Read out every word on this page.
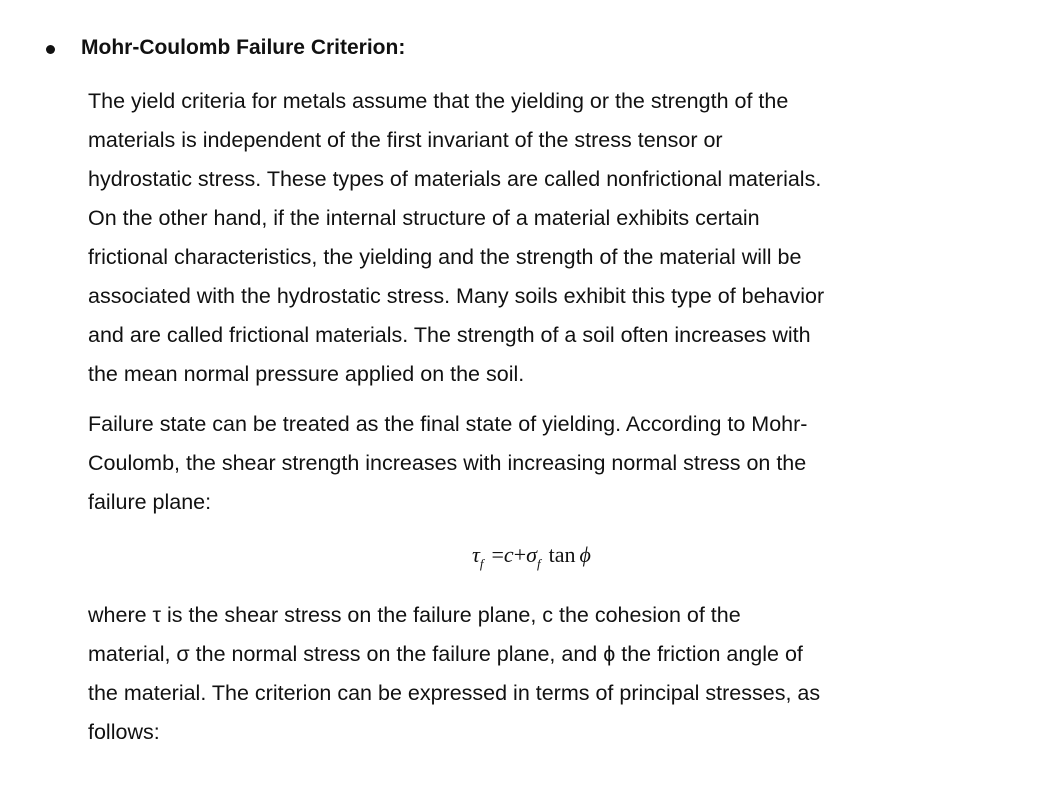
Mohr-Coulomb Failure Criterion:

The yield criteria for metals assume that the yielding or the strength of the
materials is independent of the first invariant of the stress tensor or
hydrostatic stress. These types of materials are called nonfrictional materials.
On the other hand, if the internal structure of a material exhibits certain
frictional characteristics, the yielding and the strength of the material will be
associated with the hydrostatic stress. Many soils exhibit this type of behavior
and are called frictional materials. The strength of a soil often increases with
the mean normal pressure applied on the soil.

Failure state can be treated as the final state of yielding. According to Mohr-
Coulomb, the shear strength increases with increasing normal stress on the
failure plane:

$\tau_f =c+\sigma_f$ tan ϕ

where τ is the shear stress on the failure plane, c the cohesion of the
material, σ the normal stress on the failure plane, and ϕ the friction angle of
the material. The criterion can be expressed in terms of principal stresses, as
follows:
